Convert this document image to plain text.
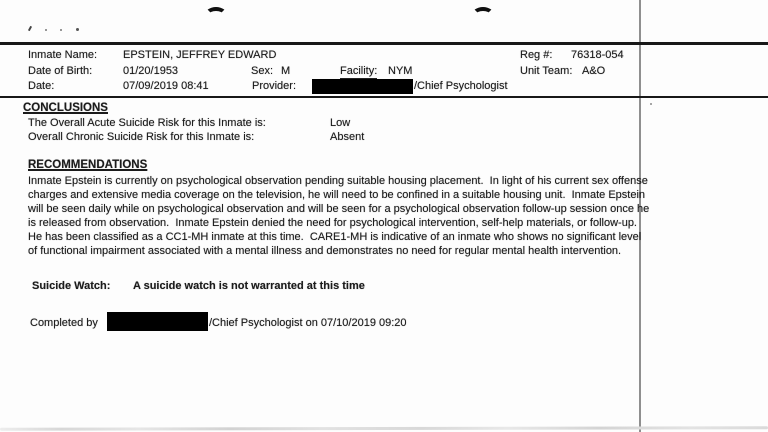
Inmate Name: EPSTEIN, JEFFREY EDWARD	Reg #: 76318-054
Date of Birth:	01/20/1953	Sex: M	Facility: NYM	Unit Team: A&O
Date:	07/09/2019 08:41	Provider:	/Chief Psychologist
CONCLUSIONS
The Overall Acute Suicide Risk for this Inmate is:	Low
Overall Chronic Suicide Risk for this Inmate is:	Absent
RECOMMENDATIONS
Inmate Epstein is currently on psychological observation pending suitable housing placement.  In light of his current sex offense
charges and extensive media coverage on the television, he will need to be confined in a suitable housing unit.  Inmate Epstein
will be seen daily while on psychological observation and will be seen for a psychological observation follow-up session once he
is released from observation.  Inmate Epstein denied the need for psychological intervention, self-help materials, or follow-up.
He has been classified as a CC1-MH inmate at this time.  CARE1-MH is indicative of an inmate who shows no significant level
of functional impairment associated with a mental illness and demonstrates no need for regular mental health intervention.
Suicide Watch: A suicide watch is not warranted at this time
Completed by	/Chief Psychologist on 07/10/2019 09:20
